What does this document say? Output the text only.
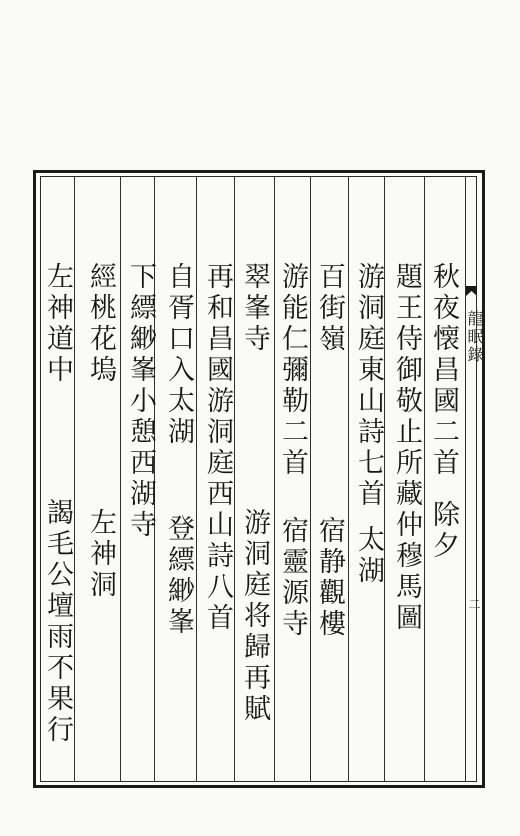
龍眠錄
二
秋夜懐昌國二首
除夕
題王侍御敬止所藏仲穆馬圖
游洞庭東山詩七首
太湖
百街嶺
宿静觀樓
游能仁彌勒二首
宿靈源寺
翠峯寺
游洞庭将歸再賦
再和昌國游洞庭西山詩八首
自胥口入太湖
登縹緲峯
下縹緲峯小憩西湖寺
經桃花塢
左神洞
左神道中
謁毛公壇雨不果行
